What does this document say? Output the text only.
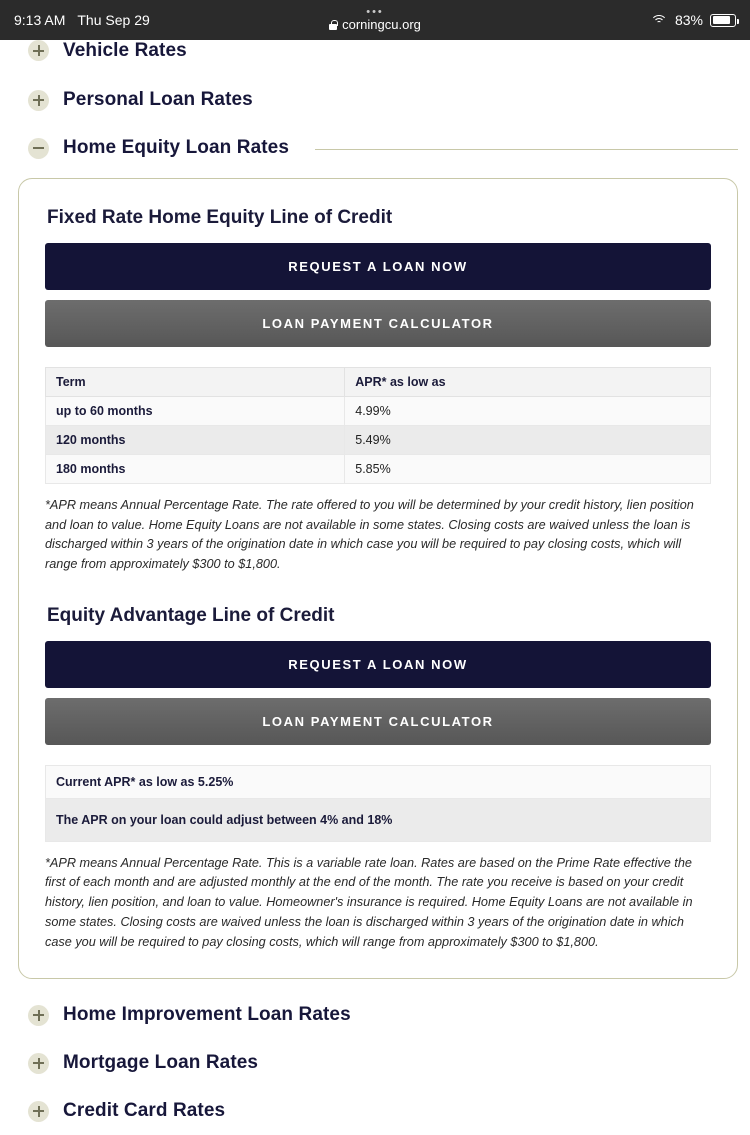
9:13 AM Thu Sep 29	•••
corningcu.org	83%
Vehicle Rates
Personal Loan Rates
Home Equity Loan Rates
Fixed Rate Home Equity Line of Credit
REQUEST A LOAN NOW
LOAN PAYMENT CALCULATOR
Term	APR* as low as
up to 60 months	4.99%
120 months	5.49%
180 months	5.85%

*APR means Annual Percentage Rate. The rate offered to you will be determined by your credit history, lien position and loan to value. Home Equity Loans are not available in some states. Closing costs are waived unless the loan is discharged within 3 years of the origination date in which case you will be required to pay closing costs, which will range from approximately $300 to $1,800.

Equity Advantage Line of Credit
REQUEST A LOAN NOW
LOAN PAYMENT CALCULATOR
Current APR* as low as 5.25%
The APR on your loan could adjust between 4% and 18%

*APR means Annual Percentage Rate. This is a variable rate loan. Rates are based on the Prime Rate effective the first of each month and are adjusted monthly at the end of the month. The rate you receive is based on your credit history, lien position, and loan to value. Homeowner's insurance is required. Home Equity Loans are not available in some states. Closing costs are waived unless the loan is discharged within 3 years of the origination date in which case you will be required to pay closing costs, which will range from approximately $300 to $1,800.

Home Improvement Loan Rates
Mortgage Loan Rates
Credit Card Rates
